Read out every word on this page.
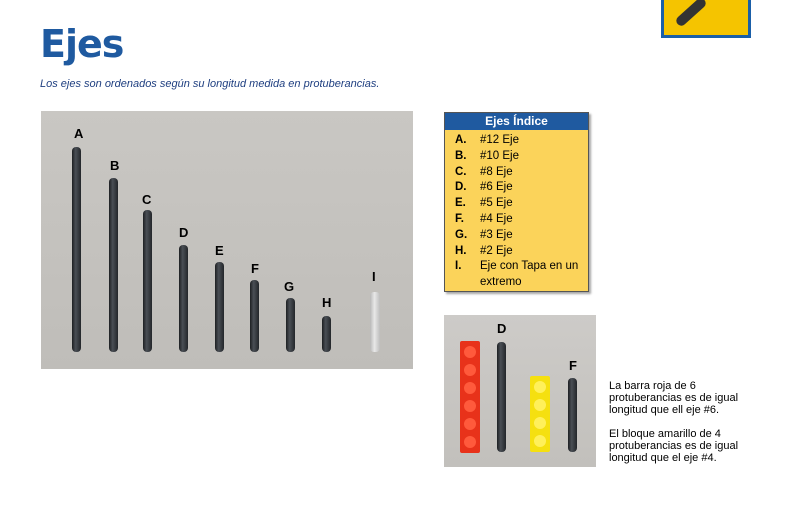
Ejes

Los ejes son ordenados según su longitud medida en protuberancias.

A
B
C
D
E
F
G
H
I
Ejes Índice
A.	#12 Eje
B.	#10 Eje
C.	#8 Eje
D.	#6 Eje
E.	#5 Eje
F.	#4 Eje
G.	#3 Eje
H.	#2 Eje
I.	Eje con Tapa en un extremo
D
F

La barra roja de 6 protuberancias es de igual longitud que ell eje #6.

El bloque amarillo de 4 protuberancias es de igual longitud que el eje #4.
